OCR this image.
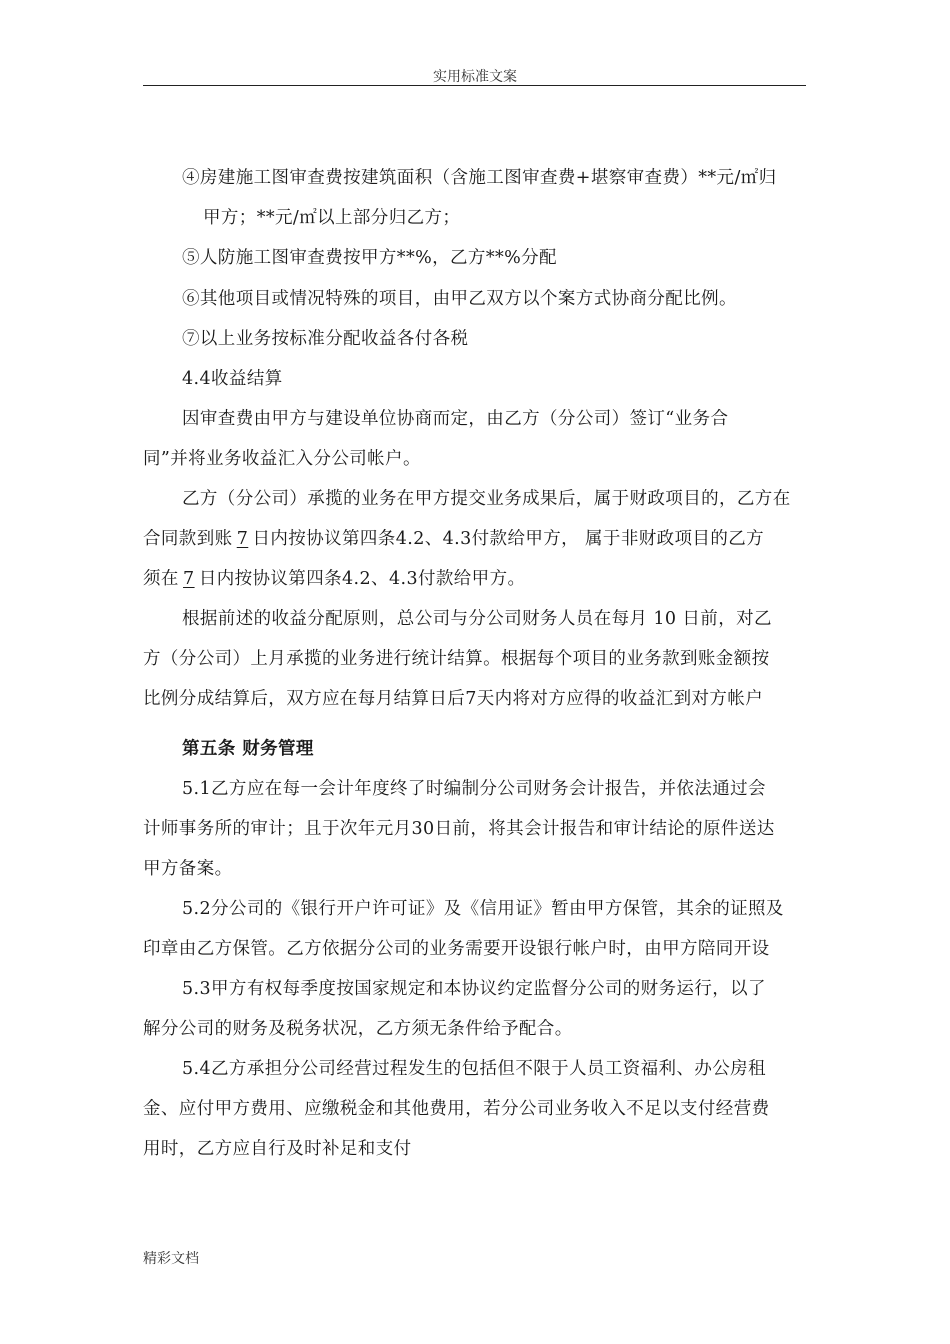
实用标准文案
④房建施工图审查费按建筑面积（含施工图审查费+堪察审查费）**元/㎡归
甲方；**元/㎡以上部分归乙方；
⑤人防施工图审查费按甲方**%，乙方**%分配
⑥其他项目或情况特殊的项目，由甲乙双方以个案方式协商分配比例。
⑦以上业务按标准分配收益各付各税
4.4收益结算
因审查费由甲方与建设单位协商而定，由乙方（分公司）签订“业务合
同”并将业务收益汇入分公司帐户。
乙方（分公司）承揽的业务在甲方提交业务成果后，属于财政项目的，乙方在
合同款到账 7 日内按协议第四条4.2、4.3付款给甲方， 属于非财政项目的乙方
须在 7 日内按协议第四条4.2、4.3付款给甲方。
根据前述的收益分配原则，总公司与分公司财务人员在每月 10 日前，对乙
方（分公司）上月承揽的业务进行统计结算。根据每个项目的业务款到账金额按
比例分成结算后，双方应在每月结算日后7天内将对方应得的收益汇到对方帐户
第五条 财务管理
5.1乙方应在每一会计年度终了时编制分公司财务会计报告，并依法通过会
计师事务所的审计；且于次年元月30日前，将其会计报告和审计结论的原件送达
甲方备案。
5.2分公司的《银行开户许可证》及《信用证》暂由甲方保管，其余的证照及
印章由乙方保管。乙方依据分公司的业务需要开设银行帐户时，由甲方陪同开设
5.3甲方有权每季度按国家规定和本协议约定监督分公司的财务运行，以了
解分公司的财务及税务状况，乙方须无条件给予配合。
5.4乙方承担分公司经营过程发生的包括但不限于人员工资福利、办公房租
金、应付甲方费用、应缴税金和其他费用，若分公司业务收入不足以支付经营费
用时，乙方应自行及时补足和支付
精彩文档
